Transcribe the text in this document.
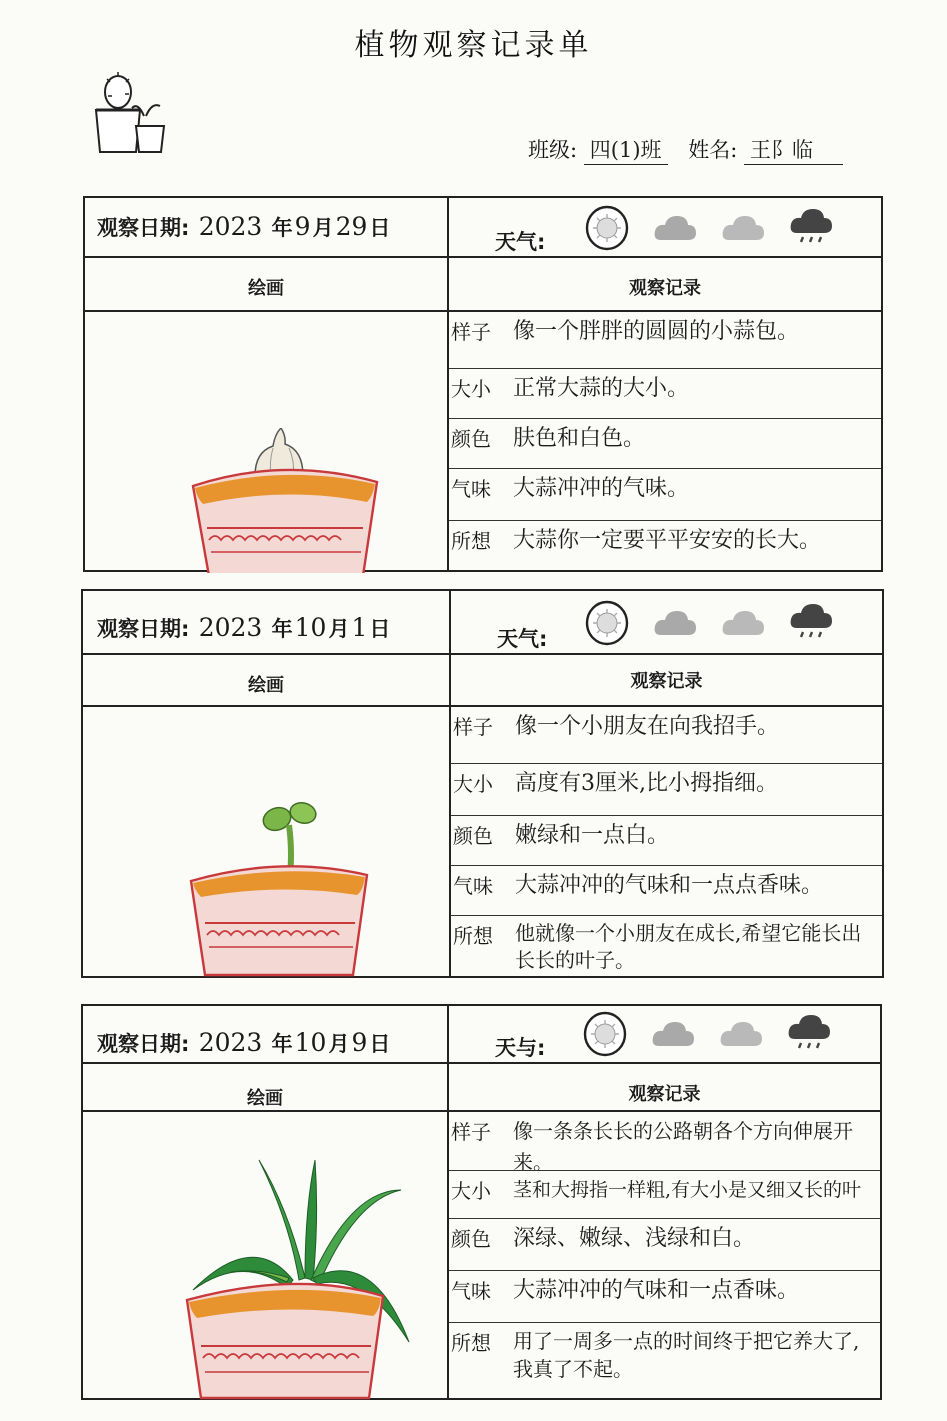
植物观察记录单
班级: 四(1)班 姓名: 王阝临
观察日期: 2023 年9月29日
天气:
绘画	观察记录
样子 像一个胖胖的圆圆的小蒜包。
大小 正常大蒜的大小。
颜色 肤色和白色。
气味 大蒜冲冲的气味。
所想 大蒜你一定要平平安安的长大。
观察日期: 2023 年10月1日	天气:
绘画	观察记录
样子 像一个小朋友在向我招手。
大小 高度有3厘米,比小拇指细。
颜色 嫩绿和一点白。
气味 大蒜冲冲的气味和一点点香味。
所想 他就像一个小朋友在成长,希望它能长出长长的叶子。
观察日期: 2023 年10月9日	天与:
绘画	观察记录
样子 像一条条长长的公路朝各个方向伸展开来。
大小 茎和大拇指一样粗,有大小是又细又长的叶
颜色 深绿、嫩绿、浅绿和白。
气味 大蒜冲冲的气味和一点香味。
所想 用了一周多一点的时间终于把它养大了,我真了不起。
